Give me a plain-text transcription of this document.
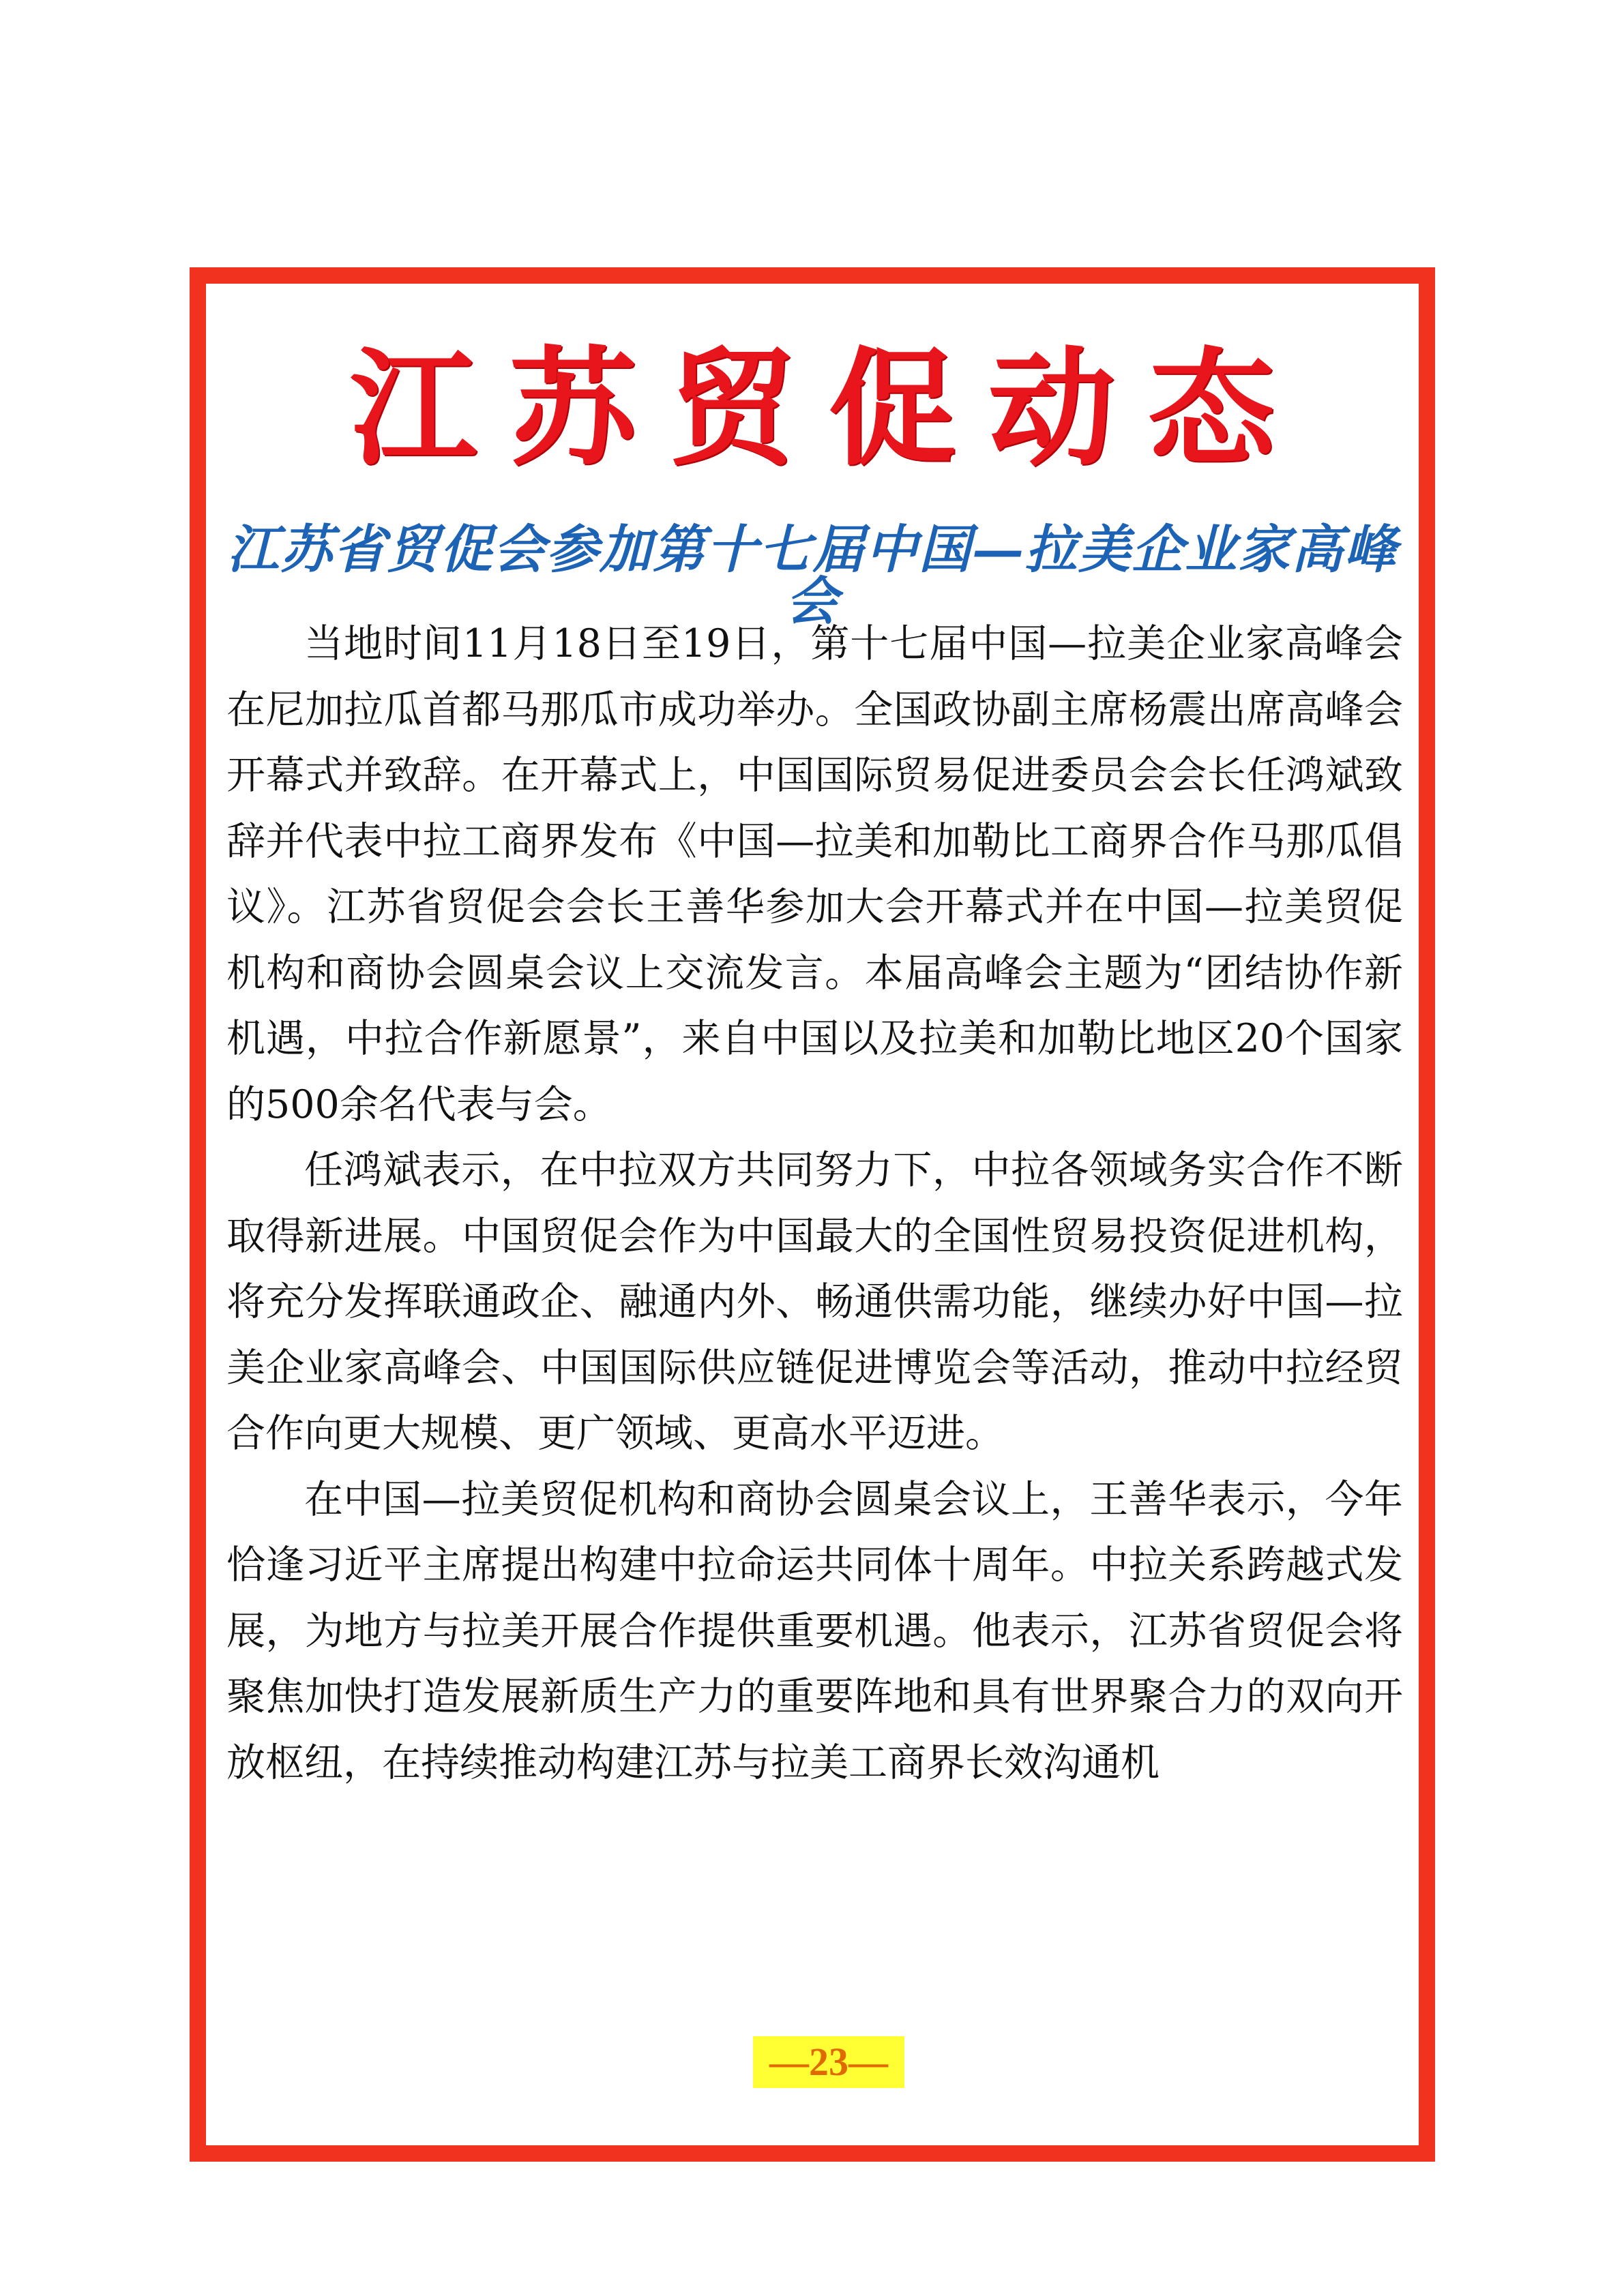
江苏贸促动态
江苏省贸促会参加第十七届中国—拉美企业家高峰会

当地时间11月18日至19日，第十七届中国—拉美企业家高峰会在尼加拉瓜首都马那瓜市成功举办。全国政协副主席杨震出席高峰会开幕式并致辞。在开幕式上，中国国际贸易促进委员会会长任鸿斌致辞并代表中拉工商界发布《中国—拉美和加勒比工商界合作马那瓜倡议》。江苏省贸促会会长王善华参加大会开幕式并在中国—拉美贸促机构和商协会圆桌会议上交流发言。本届高峰会主题为“团结协作新机遇，中拉合作新愿景”，来自中国以及拉美和加勒比地区20个国家的500余名代表与会。

任鸿斌表示，在中拉双方共同努力下，中拉各领域务实合作不断取得新进展。中国贸促会作为中国最大的全国性贸易投资促进机构，将充分发挥联通政企、融通内外、畅通供需功能，继续办好中国—拉美企业家高峰会、中国国际供应链促进博览会等活动，推动中拉经贸合作向更大规模、更广领域、更高水平迈进。

在中国—拉美贸促机构和商协会圆桌会议上，王善华表示，今年恰逢习近平主席提出构建中拉命运共同体十周年。中拉关系跨越式发展，为地方与拉美开展合作提供重要机遇。他表示，江苏省贸促会将聚焦加快打造发展新质生产力的重要阵地和具有世界聚合力的双向开放枢纽，在持续推动构建江苏与拉美工商界长效沟通机

—23—
